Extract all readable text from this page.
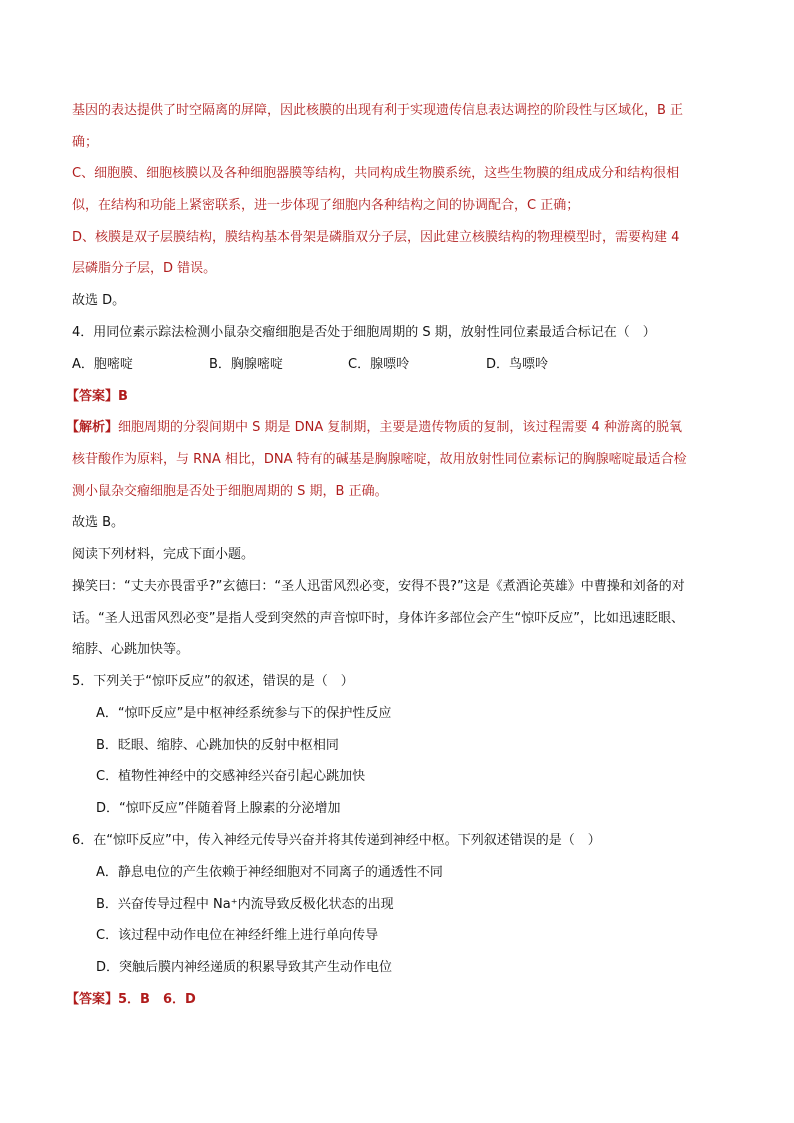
基因的表达提供了时空隔离的屏障，因此核膜的出现有利于实现遗传信息表达调控的阶段性与区域化，B 正
确；
C、细胞膜、细胞核膜以及各种细胞器膜等结构，共同构成生物膜系统，这些生物膜的组成成分和结构很相
似，在结构和功能上紧密联系，进一步体现了细胞内各种结构之间的协调配合，C 正确；
D、核膜是双子层膜结构，膜结构基本骨架是磷脂双分子层，因此建立核膜结构的物理模型时，需要构建 4
层磷脂分子层，D 错误。
故选 D。
4．用同位素示踪法检测小鼠杂交瘤细胞是否处于细胞周期的 S 期，放射性同位素最适合标记在（　）
A．胞嘧啶	B．胸腺嘧啶	C．腺嘌呤	D．鸟嘌呤
【答案】B
【解析】细胞周期的分裂间期中 S 期是 DNA 复制期，主要是遗传物质的复制，该过程需要 4 种游离的脱氧
核苷酸作为原料，与 RNA 相比，DNA 特有的碱基是胸腺嘧啶，故用放射性同位素标记的胸腺嘧啶最适合检
测小鼠杂交瘤细胞是否处于细胞周期的 S 期，B 正确。
故选 B。
阅读下列材料，完成下面小题。
操笑曰：“丈夫亦畏雷乎?”玄德曰：“圣人迅雷风烈必变，安得不畏?”这是《煮酒论英雄》中曹操和刘备的对
话。“圣人迅雷风烈必变”是指人受到突然的声音惊吓时，身体许多部位会产生“惊吓反应”，比如迅速眨眼、
缩脖、心跳加快等。
5．下列关于“惊吓反应”的叙述，错误的是（　）
A．“惊吓反应”是中枢神经系统参与下的保护性反应
B．眨眼、缩脖、心跳加快的反射中枢相同
C．植物性神经中的交感神经兴奋引起心跳加快
D．“惊吓反应”伴随着肾上腺素的分泌增加
6．在“惊吓反应”中，传入神经元传导兴奋并将其传递到神经中枢。下列叙述错误的是（　）
A．静息电位的产生依赖于神经细胞对不同离子的通透性不同
B．兴奋传导过程中 Na⁺内流导致反极化状态的出现
C．该过程中动作电位在神经纤维上进行单向传导
D．突触后膜内神经递质的积累导致其产生动作电位
【答案】5．B　6．D
